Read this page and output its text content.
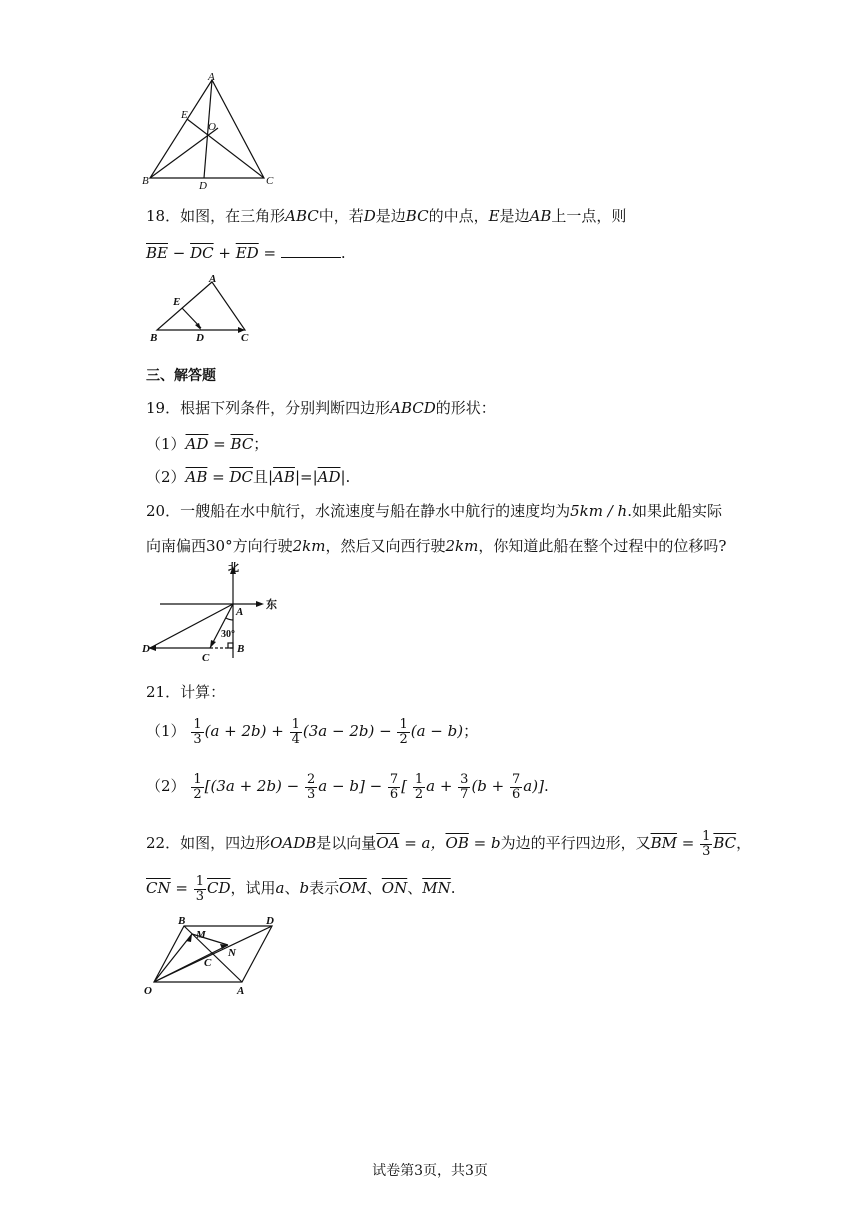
A
E
O
B	D	C
18．如图，在三角形ABC中，若D是边BC的中点，E是边AB上一点，则
$\overline{BE} - \overline{DC} + \overline{ED}$ =	.
A
E
B	D	C
三、解答题
19．根据下列条件，分别判断四边形ABCD的形状：
$(1)\overline{AD} = \overline{BC}$；
$(2)\overline{AB} = \overline{DC}$且$|\overline{AB}|=|\overline{AD}|$.
20．一艘船在水中航行，水流速度与船在静水中航行的速度均为5km / h.如果此船实际
向南偏西30°方向行驶2km，然后又向西行驶2km，你知道此船在整个过程中的位移吗?
北
东
30°
A
D
C
B
21．计算：
$(1) \frac{1}{3} (a + 2b) + \frac{1}{4} (3a - 2b) - \frac{1}{2} (a - b)$；
$(2) \frac{1}{2} [(3a + 2b) - \frac{2}{3}$ $a - b] - \frac{7}{6}$ [ $\frac{1}{2}$ $a + \frac{3}{7} (b + \frac{7}{6} a)$].
22．如图，四边形OADB是以向量$\overline{OA} = a$，$\overline{OB} = b$为边的平行四边形，又$\overline{BM} = \frac{1}{3} \overline{BC}$，
$\overline{CN} = \frac{1}{3} \overline{CD}$，试用a、b表示$\overline{OM}$、$\overline{ON}$、$\overline{MN}$.
B
M
D
N
C
O	A
试卷第3页，共3页
